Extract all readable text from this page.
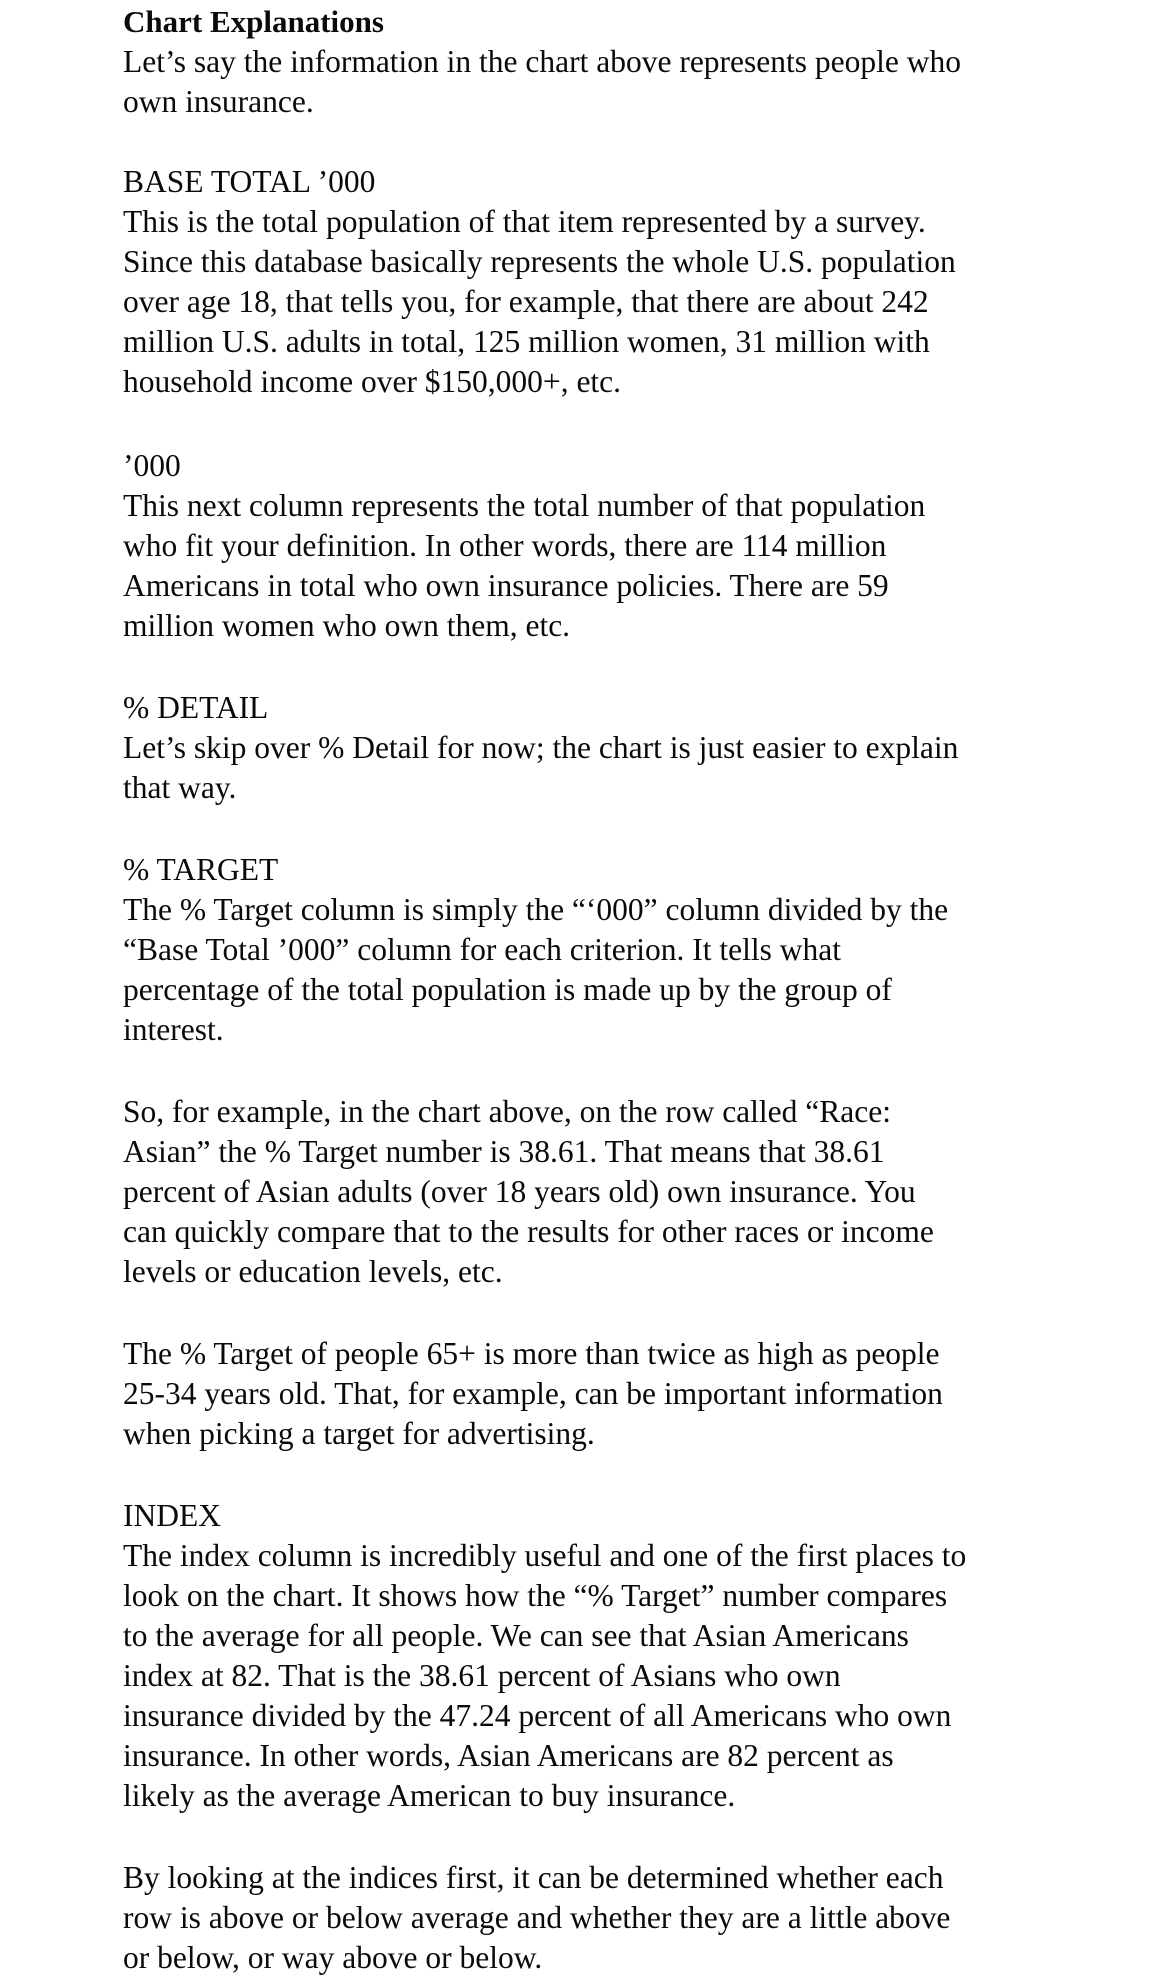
Chart Explanations
Let’s say the information in the chart above represents people who
own insurance.
BASE TOTAL ’000
This is the total population of that item represented by a survey.
Since this database basically represents the whole U.S. population
over age 18, that tells you, for example, that there are about 242
million U.S. adults in total, 125 million women, 31 million with
household income over $150,000+, etc.
’000
This next column represents the total number of that population
who fit your definition. In other words, there are 114 million
Americans in total who own insurance policies. There are 59
million women who own them, etc.
% DETAIL
Let’s skip over % Detail for now; the chart is just easier to explain
that way.
% TARGET
The % Target column is simply the “‘000” column divided by the
“Base Total ’000” column for each criterion. It tells what
percentage of the total population is made up by the group of
interest.
So, for example, in the chart above, on the row called “Race:
Asian” the % Target number is 38.61. That means that 38.61
percent of Asian adults (over 18 years old) own insurance. You
can quickly compare that to the results for other races or income
levels or education levels, etc.
The % Target of people 65+ is more than twice as high as people
25-34 years old. That, for example, can be important information
when picking a target for advertising.
INDEX
The index column is incredibly useful and one of the first places to
look on the chart. It shows how the “% Target” number compares
to the average for all people. We can see that Asian Americans
index at 82. That is the 38.61 percent of Asians who own
insurance divided by the 47.24 percent of all Americans who own
insurance. In other words, Asian Americans are 82 percent as
likely as the average American to buy insurance.
By looking at the indices first, it can be determined whether each
row is above or below average and whether they are a little above
or below, or way above or below.
